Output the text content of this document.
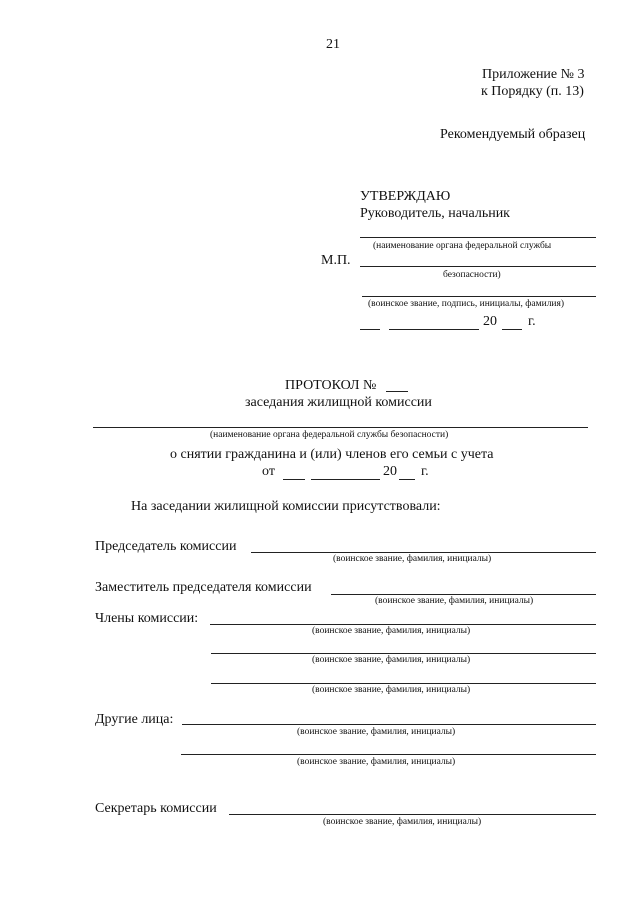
21
Приложение № 3
к Порядку (п. 13)
Рекомендуемый образец
УТВЕРЖДАЮ
Руководитель, начальник
(наименование органа федеральной службы
М.П.
безопасности)
(воинское звание, подпись, инициалы, фамилия)
20 г.
ПРОТОКОЛ №
заседания жилищной комиссии
(наименование органа федеральной службы безопасности)
о снятии гражданина и (или) членов его семьи с учета
от	20 г.
На заседании жилищной комиссии присутствовали:
Председатель комиссии
(воинское звание, фамилия, инициалы)
Заместитель председателя комиссии
(воинское звание, фамилия, инициалы)
Члены комиссии:
(воинское звание, фамилия, инициалы)
(воинское звание, фамилия, инициалы)
(воинское звание, фамилия, инициалы)
Другие лица:
(воинское звание, фамилия, инициалы)
(воинское звание, фамилия, инициалы)
Секретарь комиссии
(воинское звание, фамилия, инициалы)
